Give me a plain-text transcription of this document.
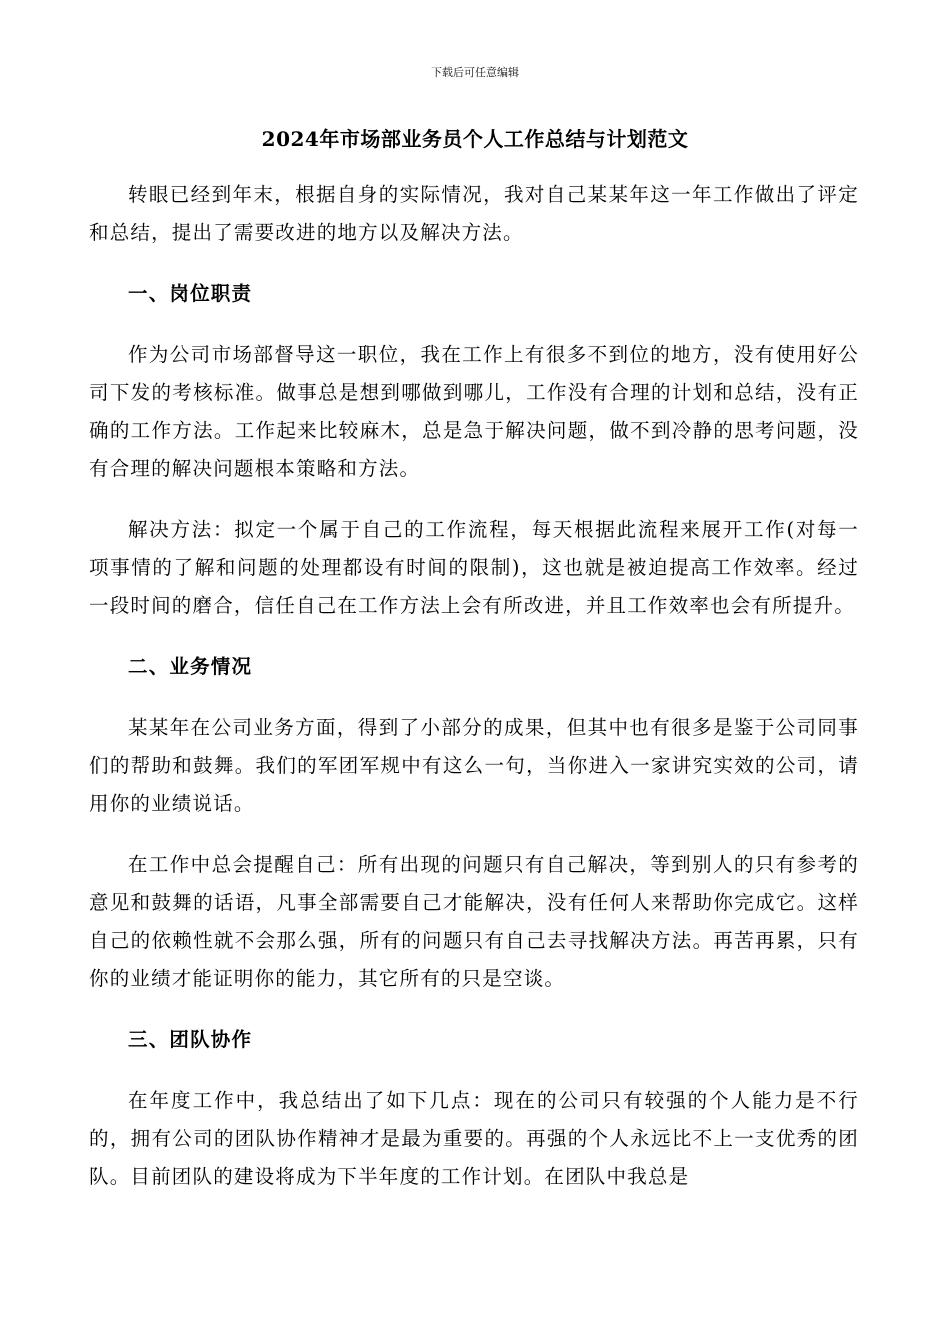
下载后可任意编辑
2024年市场部业务员个人工作总结与计划范文

转眼已经到年末，根据自身的实际情况，我对自己某某年这一年工作做出了评定和总结，提出了需要改进的地方以及解决方法。

一、岗位职责

作为公司市场部督导这一职位，我在工作上有很多不到位的地方，没有使用好公司下发的考核标准。做事总是想到哪做到哪儿，工作没有合理的计划和总结，没有正确的工作方法。工作起来比较麻木，总是急于解决问题，做不到冷静的思考问题，没有合理的解决问题根本策略和方法。

解决方法：拟定一个属于自己的工作流程，每天根据此流程来展开工作(对每一项事情的了解和问题的处理都设有时间的限制)，这也就是被迫提高工作效率。经过一段时间的磨合，信任自己在工作方法上会有所改进，并且工作效率也会有所提升。

二、业务情况

某某年在公司业务方面，得到了小部分的成果，但其中也有很多是鉴于公司同事们的帮助和鼓舞。我们的军团军规中有这么一句，当你进入一家讲究实效的公司，请用你的业绩说话。

在工作中总会提醒自己：所有出现的问题只有自己解决，等到别人的只有参考的意见和鼓舞的话语，凡事全部需要自己才能解决，没有任何人来帮助你完成它。这样自己的依赖性就不会那么强，所有的问题只有自己去寻找解决方法。再苦再累，只有你的业绩才能证明你的能力，其它所有的只是空谈。

三、团队协作

在年度工作中，我总结出了如下几点：现在的公司只有较强的个人能力是不行的，拥有公司的团队协作精神才是最为重要的。再强的个人永远比不上一支优秀的团队。目前团队的建设将成为下半年度的工作计划。在团队中我总是
